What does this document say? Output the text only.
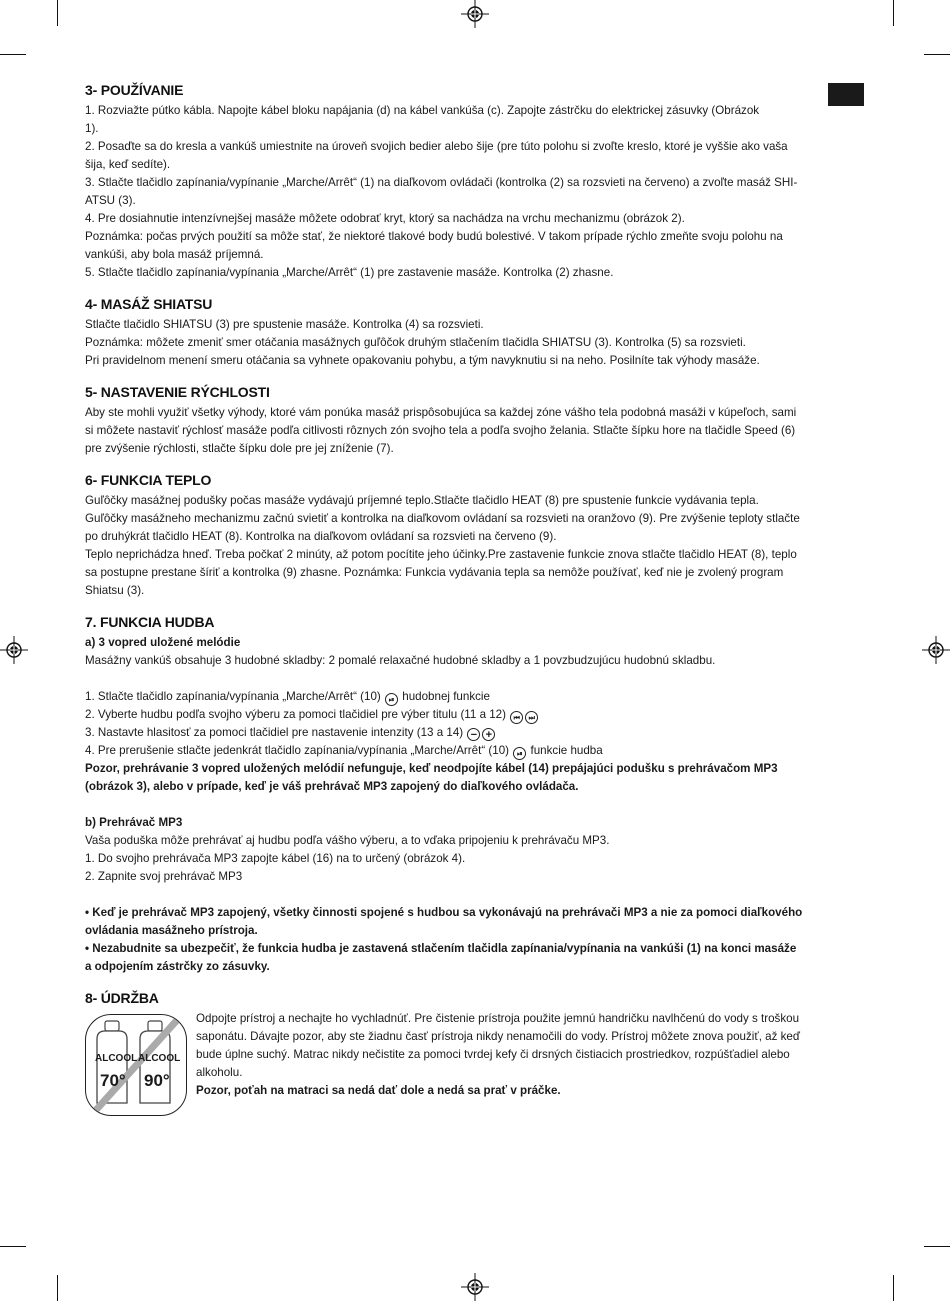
3- POUŽÍVANIE

1. Rozviažte pútko kábla. Napojte kábel bloku napájania (d) na kábel vankúša (c). Zapojte zástrčku do elektrickej zásuvky (Obrázok

1).

2. Posaďte sa do kresla a vankúš umiestnite na úroveň svojich bedier alebo šije (pre túto polohu si zvoľte kreslo, ktoré je vyššie ako vaša

šija, keď sedíte).

3. Stlačte tlačidlo zapínania/vypínanie „Marche/Arrêt“ (1) na diaľkovom ovládači (kontrolka (2) sa rozsvieti na červeno) a zvoľte masáž SHI-

ATSU (3).

4. Pre dosiahnutie intenzívnejšej masáže môžete odobrať kryt, ktorý sa nachádza na vrchu mechanizmu (obrázok 2).

Poznámka: počas prvých použití sa môže stať, že niektoré tlakové body budú bolestivé. V takom prípade rýchlo zmeňte svoju polohu na

vankúši, aby bola masáž príjemná.

5. Stlačte tlačidlo zapínania/vypínania „Marche/Arrêt“ (1) pre zastavenie masáže. Kontrolka (2) zhasne.

4- MASÁŽ SHIATSU

Stlačte tlačidlo SHIATSU (3) pre spustenie masáže. Kontrolka (4) sa rozsvieti.

Poznámka: môžete zmeniť smer otáčania masážnych guľôčok druhým stlačením tlačidla SHIATSU (3). Kontrolka (5) sa rozsvieti.

Pri pravidelnom menení smeru otáčania sa vyhnete opakovaniu pohybu, a tým navyknutiu si na neho. Posilníte tak výhody masáže.

5- NASTAVENIE RÝCHLOSTI

Aby ste mohli využiť všetky výhody, ktoré vám ponúka masáž prispôsobujúca sa každej zóne vášho tela podobná masáži v kúpeľoch, sami

si môžete nastaviť rýchlosť masáže podľa citlivosti rôznych zón svojho tela a podľa svojho želania. Stlačte šípku hore na tlačidle Speed (6)

pre zvýšenie rýchlosti, stlačte šípku dole pre jej zníženie (7).

6- FUNKCIA TEPLO

Guľôčky masážnej podušky počas masáže vydávajú príjemné teplo.Stlačte tlačidlo HEAT (8) pre spustenie funkcie vydávania tepla.

Guľôčky masážneho mechanizmu začnú svietiť a kontrolka na diaľkovom ovládaní sa rozsvieti na oranžovo (9). Pre zvýšenie teploty stlačte

po druhýkrát tlačidlo HEAT (8). Kontrolka na diaľkovom ovládaní sa rozsvieti na červeno (9).

Teplo neprichádza hneď. Treba počkať 2 minúty, až potom pocítite jeho účinky.Pre zastavenie funkcie znova stlačte tlačidlo HEAT (8), teplo

sa postupne prestane šíriť a kontrolka (9) zhasne. Poznámka: Funkcia vydávania tepla sa nemôže používať, keď nie je zvolený program

Shiatsu (3).

7. FUNKCIA HUDBA

a) 3 vopred uložené melódie

Masážny vankúš obsahuje 3 hudobné skladby: 2 pomalé relaxačné hudobné skladby a 1 povzbudzujúcu hudobnú skladbu.

1. Stlačte tlačidlo zapínania/vypínania „Marche/Arrêt“ (10) ⏯ hudobnej funkcie

2. Vyberte hudbu podľa svojho výberu za pomoci tlačidiel pre výber titulu (11 a 12) ⏮ ⏭

3. Nastavte hlasitosť za pomoci tlačidiel pre nastavenie intenzity (13 a 14) − +

4. Pre prerušenie stlačte jedenkrát tlačidlo zapínania/vypínania „Marche/Arrêt“ (10) ⏯ funkcie hudba

Pozor, prehrávanie 3 vopred uložených melódií nefunguje, keď neodpojíte kábel (14) prepájajúci podušku s prehrávačom MP3

(obrázok 3), alebo v prípade, keď je váš prehrávač MP3 zapojený do diaľkového ovládača.

b) Prehrávač MP3

Vaša poduška môže prehrávať aj hudbu podľa vášho výberu, a to vďaka pripojeniu k prehrávaču MP3.

1. Do svojho prehrávača MP3 zapojte kábel (16) na to určený (obrázok 4).

2. Zapnite svoj prehrávač MP3

• Keď je prehrávač MP3 zapojený, všetky činnosti spojené s hudbou sa vykonávajú na prehrávači MP3 a nie za pomoci diaľkového

ovládania masážneho prístroja.

• Nezabudnite sa ubezpečiť, že funkcia hudba je zastavená stlačením tlačidla zapínania/vypínania na vankúši (1) na konci masáže

a odpojením zástrčky zo zásuvky.

8- ÚDRŽBA
ALCOOL
70°
ALCOOL
90°

Odpojte prístroj a nechajte ho vychladnúť. Pre čistenie prístroja použite jemnú handričku navlhčenú do vody s troškou

saponátu. Dávajte pozor, aby ste žiadnu časť prístroja nikdy nenamočili do vody. Prístroj môžete znova použiť, až keď

bude úplne suchý. Matrac nikdy nečistite za pomoci tvrdej kefy či drsných čistiacich prostriedkov, rozpúšťadiel alebo

alkoholu.

Pozor, poťah na matraci sa nedá dať dole a nedá sa prať v práčke.
